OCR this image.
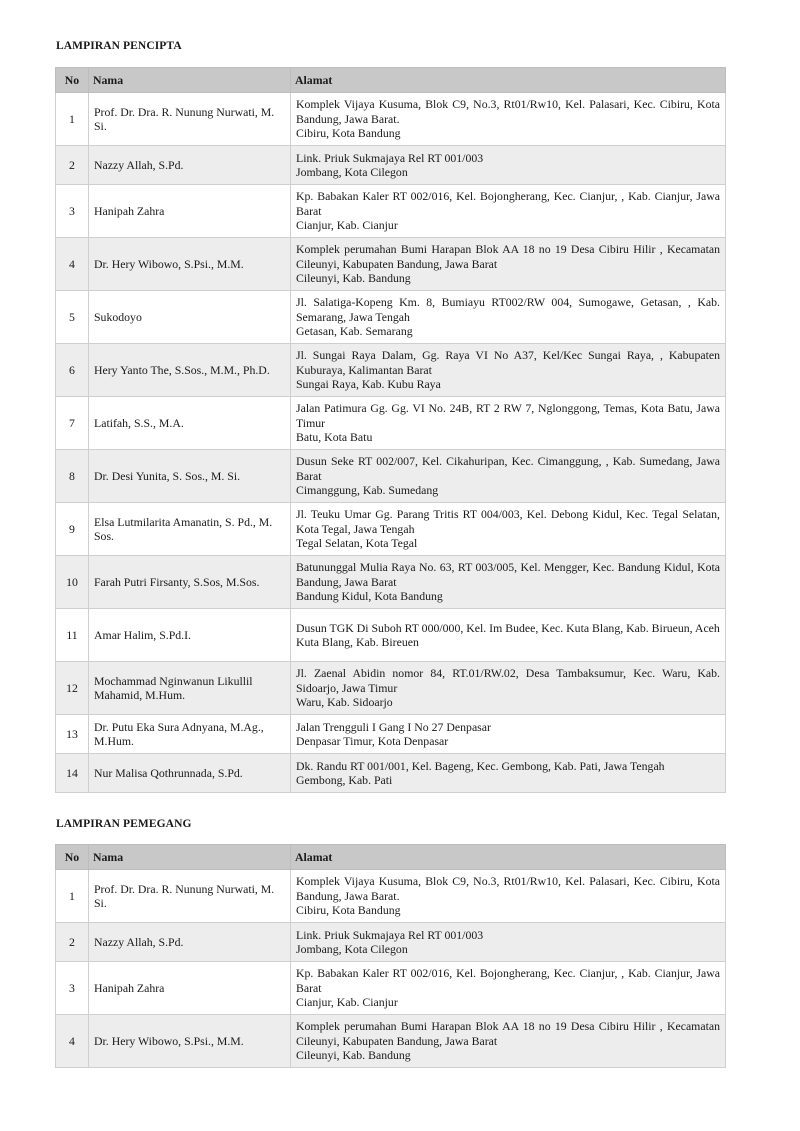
LAMPIRAN PENCIPTA
No	Nama	Alamat
1	Prof. Dr. Dra. R. Nunung Nurwati, M. Si.	Komplek Vijaya Kusuma, Blok C9, No.3, Rt01/Rw10, Kel. Palasari, Kec. Cibiru, Kota Bandung, Jawa Barat.
Cibiru, Kota Bandung

2	Nazzy Allah, S.Pd.	Link. Priuk Sukmajaya Rel RT 001/003
Jombang, Kota Cilegon

3	Hanipah Zahra	Kp. Babakan Kaler RT 002/016, Kel. Bojongherang, Kec. Cianjur, , Kab. Cianjur, Jawa Barat
Cianjur, Kab. Cianjur

4	Dr. Hery Wibowo, S.Psi., M.M.	Komplek perumahan Bumi Harapan Blok AA 18 no 19 Desa Cibiru Hilir , Kecamatan Cileunyi, Kabupaten Bandung, Jawa Barat
Cileunyi, Kab. Bandung

5	Sukodoyo	Jl. Salatiga-Kopeng Km. 8, Bumiayu RT002/RW 004, Sumogawe, Getasan, , Kab. Semarang, Jawa Tengah
Getasan, Kab. Semarang

6	Hery Yanto The, S.Sos., M.M., Ph.D.	Jl. Sungai Raya Dalam, Gg. Raya VI No A37, Kel/Kec Sungai Raya, , Kabupaten Kuburaya, Kalimantan Barat
Sungai Raya, Kab. Kubu Raya

7	Latifah, S.S., M.A.	Jalan Patimura Gg. Gg. VI No. 24B, RT 2 RW 7, Nglonggong, Temas, Kota Batu, Jawa Timur
Batu, Kota Batu

8	Dr. Desi Yunita, S. Sos., M. Si.	Dusun Seke RT 002/007, Kel. Cikahuripan, Kec. Cimanggung, , Kab. Sumedang, Jawa Barat
Cimanggung, Kab. Sumedang

9	Elsa Lutmilarita Amanatin, S. Pd., M. Sos.	Jl. Teuku Umar Gg. Parang Tritis RT 004/003, Kel. Debong Kidul, Kec. Tegal Selatan, Kota Tegal, Jawa Tengah
Tegal Selatan, Kota Tegal

10	Farah Putri Firsanty, S.Sos, M.Sos.	Batununggal Mulia Raya No. 63, RT 003/005, Kel. Mengger, Kec. Bandung Kidul, Kota Bandung, Jawa Barat
Bandung Kidul, Kota Bandung

11	Amar Halim, S.Pd.I.	Dusun TGK Di Suboh RT 000/000, Kel. Im Budee, Kec. Kuta Blang, Kab. Birueun, Aceh
Kuta Blang, Kab. Bireuen

12	Mochammad Nginwanun Likullil Mahamid, M.Hum.	Jl. Zaenal Abidin nomor 84, RT.01/RW.02, Desa Tambaksumur, Kec. Waru, Kab. Sidoarjo, Jawa Timur
Waru, Kab. Sidoarjo

13	Dr. Putu Eka Sura Adnyana, M.Ag., M.Hum.	Jalan Trengguli I Gang I No 27 Denpasar
Denpasar Timur, Kota Denpasar

14	Nur Malisa Qothrunnada, S.Pd.	Dk. Randu RT 001/001, Kel. Bageng, Kec. Gembong, Kab. Pati, Jawa Tengah
Gembong, Kab. Pati
LAMPIRAN PEMEGANG
No	Nama	Alamat
1	Prof. Dr. Dra. R. Nunung Nurwati, M. Si.	Komplek Vijaya Kusuma, Blok C9, No.3, Rt01/Rw10, Kel. Palasari, Kec. Cibiru, Kota Bandung, Jawa Barat.
Cibiru, Kota Bandung

2	Nazzy Allah, S.Pd.	Link. Priuk Sukmajaya Rel RT 001/003
Jombang, Kota Cilegon

3	Hanipah Zahra	Kp. Babakan Kaler RT 002/016, Kel. Bojongherang, Kec. Cianjur, , Kab. Cianjur, Jawa Barat
Cianjur, Kab. Cianjur

4	Dr. Hery Wibowo, S.Psi., M.M.	Komplek perumahan Bumi Harapan Blok AA 18 no 19 Desa Cibiru Hilir , Kecamatan Cileunyi, Kabupaten Bandung, Jawa Barat
Cileunyi, Kab. Bandung
